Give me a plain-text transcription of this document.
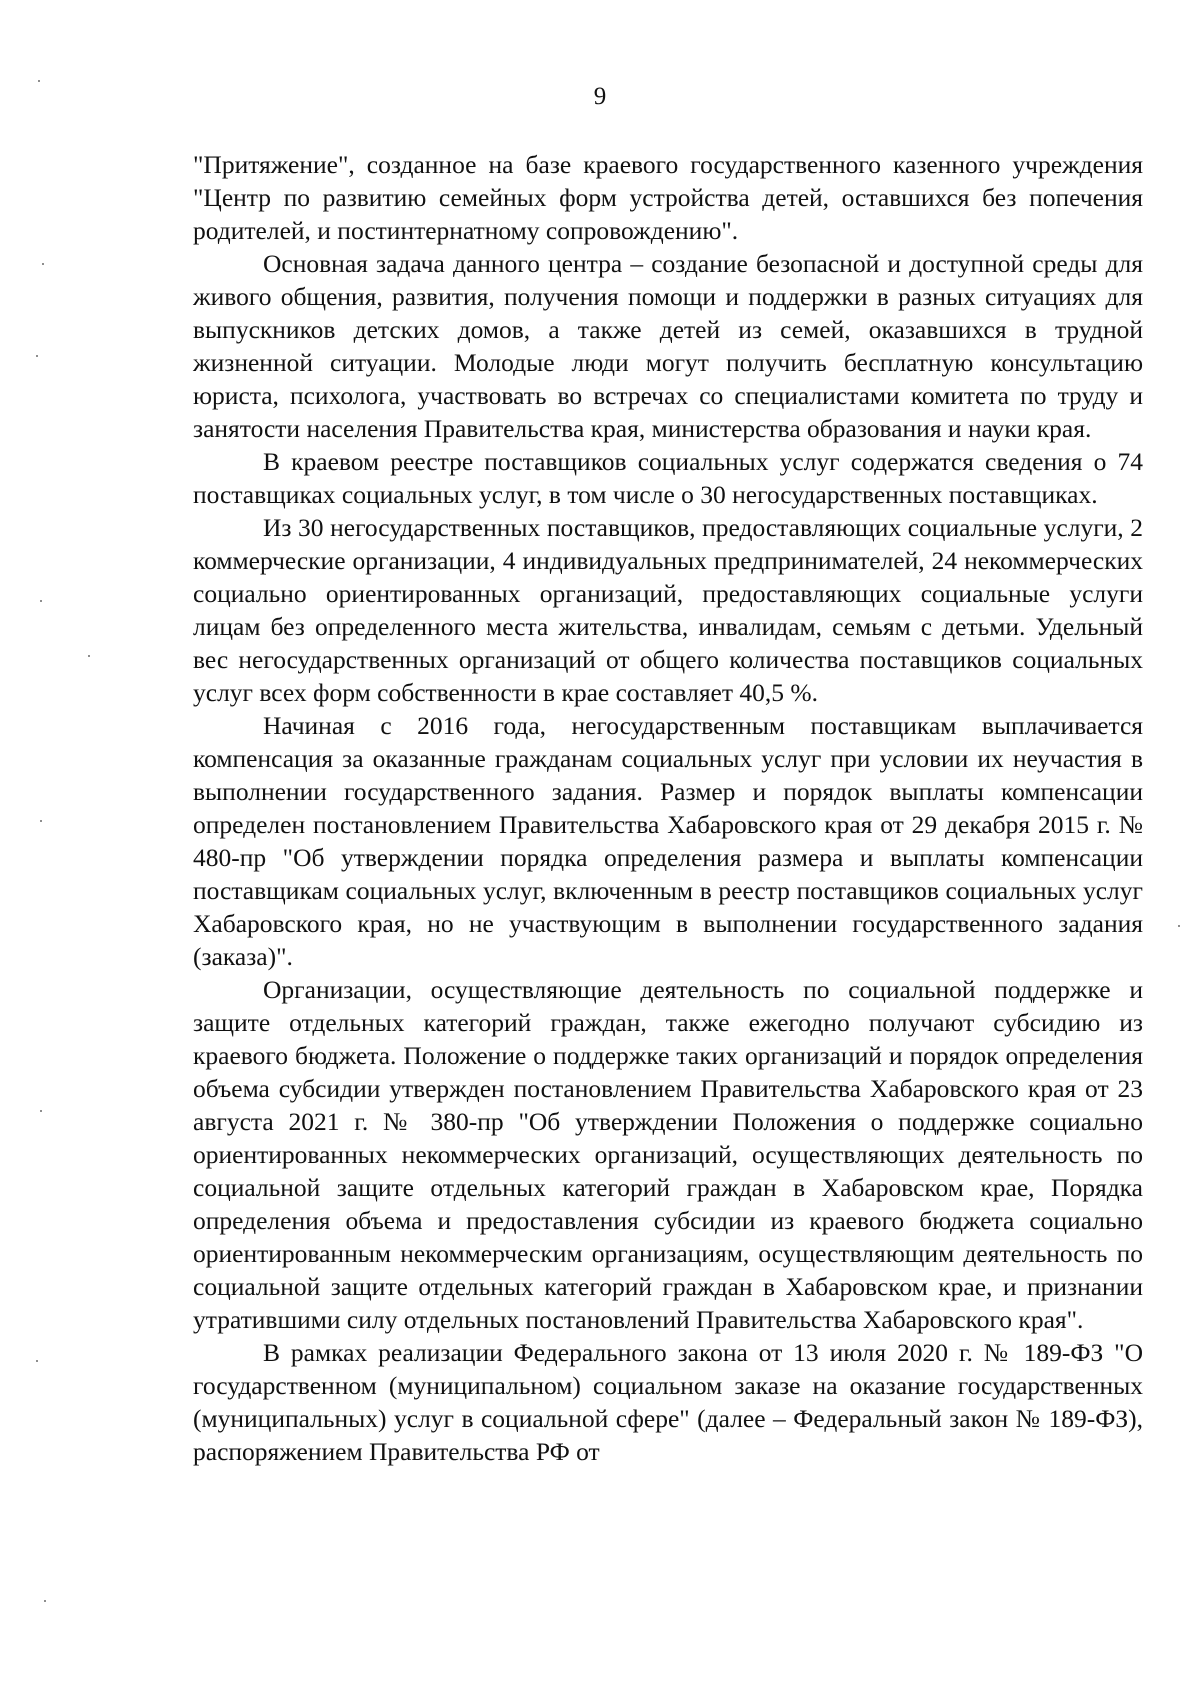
9

"Притяжение", созданное на базе краевого государственного казенного учреждения "Центр по развитию семейных форм устройства детей, оставшихся без попечения родителей, и постинтернатному сопровождению".

Основная задача данного центра – создание безопасной и доступной среды для живого общения, развития, получения помощи и поддержки в разных ситуациях для выпускников детских домов, а также детей из семей, оказавшихся в трудной жизненной ситуации. Молодые люди могут получить бесплатную консультацию юриста, психолога, участвовать во встречах со специалистами комитета по труду и занятости населения Правительства края, министерства образования и науки края.

В краевом реестре поставщиков социальных услуг содержатся сведения о 74 поставщиках социальных услуг, в том числе о 30 негосударственных поставщиках.

Из 30 негосударственных поставщиков, предоставляющих социальные услуги, 2 коммерческие организации, 4 индивидуальных предпринимателей, 24 некоммерческих социально ориентированных организаций, предоставляющих социальные услуги лицам без определенного места жительства, инвалидам, семьям с детьми. Удельный вес негосударственных организаций от общего количества поставщиков социальных услуг всех форм собственности в крае составляет 40,5 %.

Начиная с 2016 года, негосударственным поставщикам выплачивается компенсация за оказанные гражданам социальных услуг при условии их неучастия в выполнении государственного задания. Размер и порядок выплаты компенсации определен постановлением Правительства Хабаровского края от 29 декабря 2015 г. № 480-пр "Об утверждении порядка определения размера и выплаты компенсации поставщикам социальных услуг, включенным в реестр поставщиков социальных услуг Хабаровского края, но не участвующим в выполнении государственного задания (заказа)".

Организации, осуществляющие деятельность по социальной поддержке и защите отдельных категорий граждан, также ежегодно получают субсидию из краевого бюджета. Положение о поддержке таких организаций и порядок определения объема субсидии утвержден постановлением Правительства Хабаровского края от 23 августа 2021 г. № 380-пр "Об утверждении Положения о поддержке социально ориентированных некоммерческих организаций, осуществляющих деятельность по социальной защите отдельных категорий граждан в Хабаровском крае, Порядка определения объема и предоставления субсидии из краевого бюджета социально ориентированным некоммерческим организациям, осуществляющим деятельность по социальной защите отдельных категорий граждан в Хабаровском крае, и признании утратившими силу отдельных постановлений Правительства Хабаровского края".

В рамках реализации Федерального закона от 13 июля 2020 г. № 189-ФЗ "О государственном (муниципальном) социальном заказе на оказание государственных (муниципальных) услуг в социальной сфере" (далее – Федеральный закон № 189-ФЗ), распоряжением Правительства РФ от
